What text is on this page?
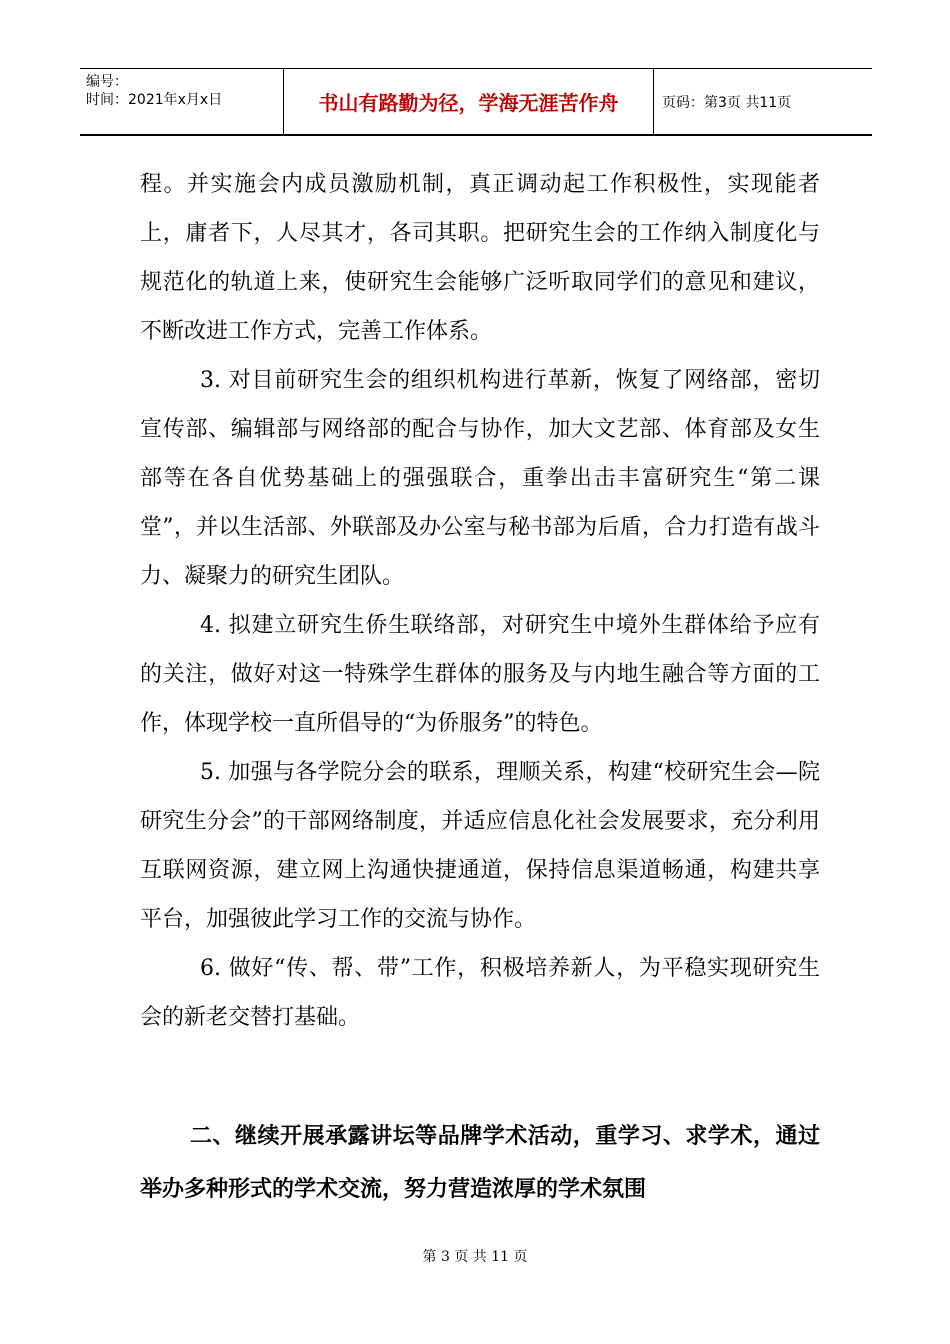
编号：
时间：2021年x月x日	书山有路勤为径，学海无涯苦作舟	页码：第3页 共11页

程。并实施会内成员激励机制，真正调动起工作积极性，实现能者上，庸者下，人尽其才，各司其职。把研究生会的工作纳入制度化与规范化的轨道上来，使研究生会能够广泛听取同学们的意见和建议，不断改进工作方式，完善工作体系。

3. 对目前研究生会的组织机构进行革新，恢复了网络部，密切宣传部、编辑部与网络部的配合与协作，加大文艺部、体育部及女生部等在各自优势基础上的强强联合，重拳出击丰富研究生“第二课堂”，并以生活部、外联部及办公室与秘书部为后盾，合力打造有战斗力、凝聚力的研究生团队。

4. 拟建立研究生侨生联络部，对研究生中境外生群体给予应有的关注，做好对这一特殊学生群体的服务及与内地生融合等方面的工作，体现学校一直所倡导的“为侨服务”的特色。

5. 加强与各学院分会的联系，理顺关系，构建“校研究生会—院研究生分会”的干部网络制度，并适应信息化社会发展要求，充分利用互联网资源，建立网上沟通快捷通道，保持信息渠道畅通，构建共享平台，加强彼此学习工作的交流与协作。

6. 做好“传、帮、带”工作，积极培养新人，为平稳实现研究生会的新老交替打基础。

二、继续开展承露讲坛等品牌学术活动，重学习、求学术，通过举办多种形式的学术交流，努力营造浓厚的学术氛围

第 3 页 共 11 页
